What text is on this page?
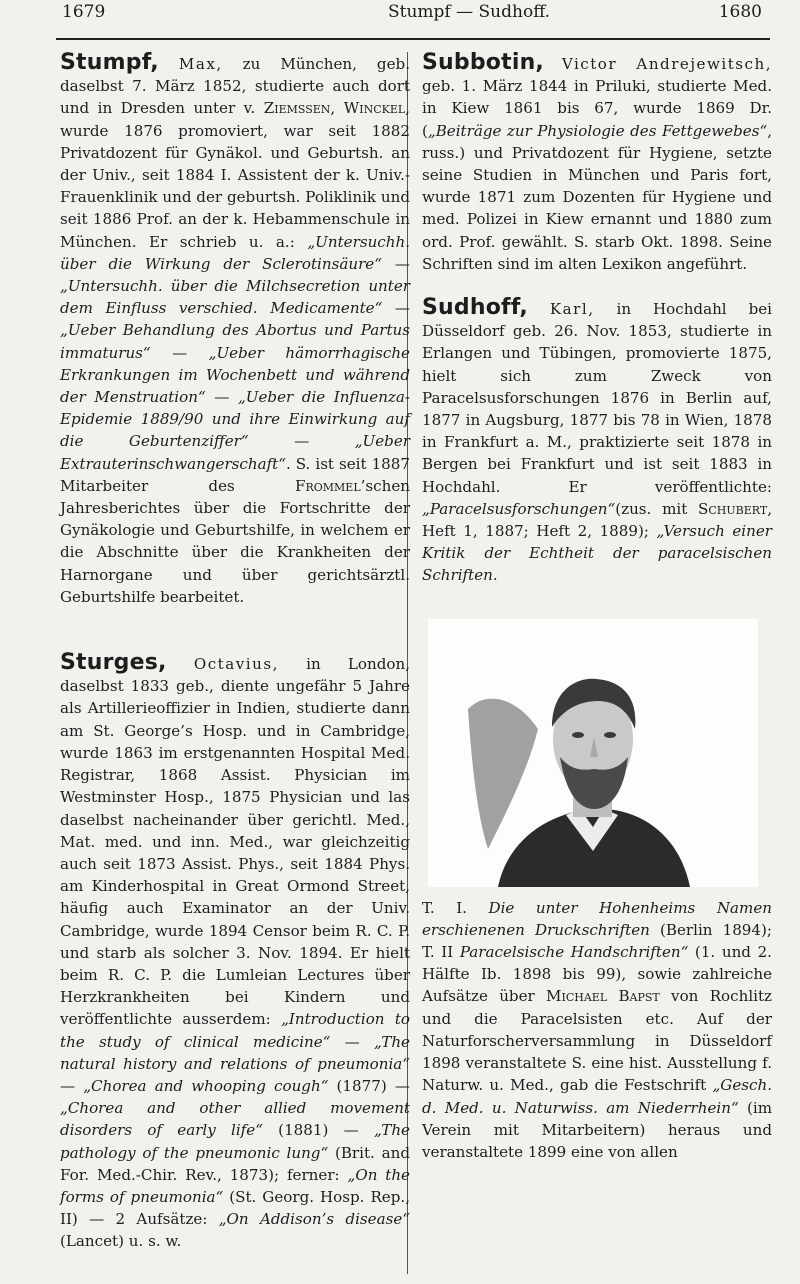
1679	Stumpf — Sudhoff.	1680

Stumpf, Max, zu München, geb. daselbst 7. März 1852, studierte auch dort und in Dresden unter v. Ziemssen, Winckel, wurde 1876 promoviert, war seit 1882 Privatdozent für Gynäkol. und Geburtsh. an der Univ., seit 1884 I. Assistent der k. Univ.-Frauenklinik und der geburtsh. Poliklinik und seit 1886 Prof. an der k. Hebammenschule in München. Er schrieb u. a.: „Untersuchh. über die Wirkung der Sclerotinsäure“ — „Untersuchh. über die Milchsecretion unter dem Einfluss verschied. Medicamente“ — „Ueber Behandlung des Abortus und Partus immaturus“ — „Ueber hämorrhagische Erkrankungen im Wochenbett und während der Menstruation“ — „Ueber die Influenza-Epidemie 1889/90 und ihre Einwirkung auf die Geburtenziffer“ — „Ueber Extrauterinschwangerschaft“. S. ist seit 1887 Mitarbeiter des Frommel’schen Jahresberichtes über die Fortschritte der Gynäkologie und Geburtshilfe, in welchem er die Abschnitte über die Krankheiten der Harnorgane und über gerichtsärztl. Geburtshilfe bearbeitet.

Sturges, Octavius, in London, daselbst 1833 geb., diente ungefähr 5 Jahre als Artillerieoffizier in Indien, studierte dann am St. George’s Hosp. und in Cambridge, wurde 1863 im erstgenannten Hospital Med. Registrar, 1868 Assist. Physician im Westminster Hosp., 1875 Physician und las daselbst nacheinander über gerichtl. Med., Mat. med. und inn. Med., war gleichzeitig auch seit 1873 Assist. Phys., seit 1884 Phys. am Kinderhospital in Great Ormond Street, häufig auch Examinator an der Univ. Cambridge, wurde 1894 Censor beim R. C. P. und starb als solcher 3. Nov. 1894. Er hielt beim R. C. P. die Lumleian Lectures über Herzkrankheiten bei Kindern und veröffentlichte ausserdem: „Introduction to the study of clinical medicine“ — „The natural history and relations of pneumonia“ — „Chorea and whooping cough“ (1877) — „Chorea and other allied movement disorders of early life“ (1881) — „The pathology of the pneumonic lung“ (Brit. and For. Med.-Chir. Rev., 1873); ferner: „On the forms of pneumonia“ (St. Georg. Hosp. Rep., II) — 2 Aufsätze: „On Addison’s disease“ (Lancet) u. s. w.

Subbotin, Victor Andrejewitsch, geb. 1. März 1844 in Priluki, studierte Med. in Kiew 1861 bis 67, wurde 1869 Dr. („Beiträge zur Physiologie des Fettgewebes“, russ.) und Privatdozent für Hygiene, setzte seine Studien in München und Paris fort, wurde 1871 zum Dozenten für Hygiene und med. Polizei in Kiew ernannt und 1880 zum ord. Prof. gewählt. S. starb Okt. 1898. Seine Schriften sind im alten Lexikon angeführt.

Sudhoff, Karl, in Hochdahl bei Düsseldorf geb. 26. Nov. 1853, studierte in Erlangen und Tübingen, promovierte 1875, hielt sich zum Zweck von Paracelsusforschungen 1876 in Berlin auf, 1877 in Augsburg, 1877 bis 78 in Wien, 1878 in Frankfurt a. M., praktizierte seit 1878 in Bergen bei Frankfurt und ist seit 1883 in Hochdahl. Er veröffentlichte: „Paracelsusforschungen“(zus. mit Schubert, Heft 1, 1887; Heft 2, 1889); „Versuch einer Kritik der Echtheit der paracelsischen Schriften.

T. I. Die unter Hohenheims Namen erschienenen Druckschriften (Berlin 1894); T. II Paracelsische Handschriften“ (1. und 2. Hälfte Ib. 1898 bis 99), sowie zahlreiche Aufsätze über Michael Bapst von Rochlitz und die Paracelsisten etc. Auf der Naturforscherversammlung in Düsseldorf 1898 veranstaltete S. eine hist. Ausstellung f. Naturw. u. Med., gab die Festschrift „Gesch. d. Med. u. Naturwiss. am Niederrhein“ (im Verein mit Mitarbeitern) heraus und veranstaltete 1899 eine von allen
